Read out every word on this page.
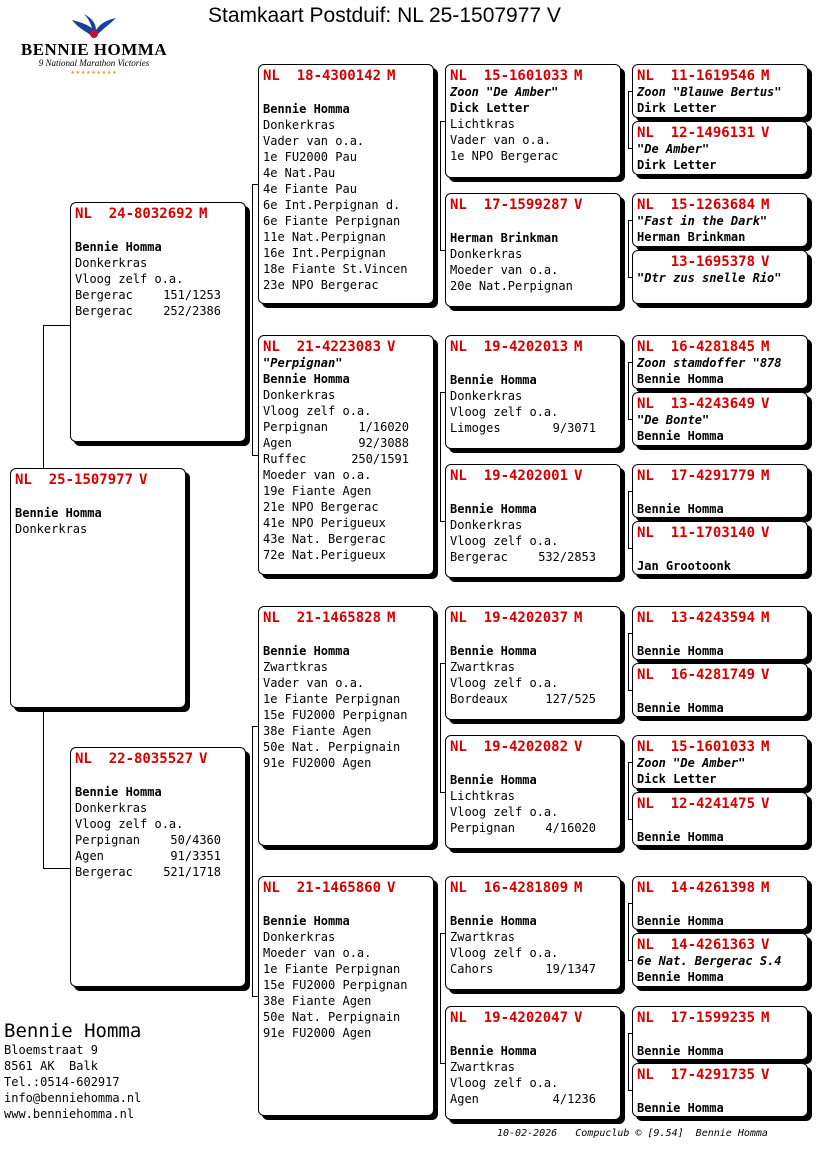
Stamkaart Postduif: NL 25-1507977 V
BENNIE HOMMA
9 National Marathon Victories
★★★★★★★★★
NL  25-1507977 V
Bennie Homma
Donkerkras
NL  24-8032692 M
Bennie Homma
Donkerkras
Vloog zelf o.a.
Bergerac	151/1253
Bergerac	252/2386
NL  22-8035527 V
Bennie Homma
Donkerkras
Vloog zelf o.a.
Perpignan	50/4360
Agen	91/3351
Bergerac	521/1718
NL  18-4300142 M
Bennie Homma
Donkerkras
Vader van o.a.
1e FU2000 Pau
4e Nat.Pau
4e Fiante Pau
6e Int.Perpignan d.
6e Fiante Perpignan
11e Nat.Perpignan
16e Int.Perpignan
18e Fiante St.Vincen
23e NPO Bergerac
NL  21-4223083 V
"Perpignan"
Bennie Homma
Donkerkras
Vloog zelf o.a.
Perpignan	1/16020
Agen	92/3088
Ruffec	250/1591
Moeder van o.a.
19e Fiante Agen
21e NPO Bergerac
41e NPO Perigueux
43e Nat. Bergerac
72e Nat.Perigueux
NL  21-1465828 M
Bennie Homma
Zwartkras
Vader van o.a.
1e Fiante Perpignan
15e FU2000 Perpignan
38e Fiante Agen
50e Nat. Perpignain
91e FU2000 Agen
NL  21-1465860 V
Bennie Homma
Donkerkras
Moeder van o.a.
1e Fiante Perpignan
15e FU2000 Perpignan
38e Fiante Agen
50e Nat. Perpignain
91e FU2000 Agen
NL  15-1601033 M
Zoon "De Amber"
Dick Letter
Lichtkras
Vader van o.a.
1e NPO Bergerac
NL  17-1599287 V
Herman Brinkman
Donkerkras
Moeder van o.a.
20e Nat.Perpignan
NL  19-4202013 M
Bennie Homma
Donkerkras
Vloog zelf o.a.
Limoges	9/3071
NL  19-4202001 V
Bennie Homma
Donkerkras
Vloog zelf o.a.
Bergerac	532/2853
NL  19-4202037 M
Bennie Homma
Zwartkras
Vloog zelf o.a.
Bordeaux	127/525
NL  19-4202082 V
Bennie Homma
Lichtkras
Vloog zelf o.a.
Perpignan	4/16020
NL  16-4281809 M
Bennie Homma
Zwartkras
Vloog zelf o.a.
Cahors	19/1347
NL  19-4202047 V
Bennie Homma
Zwartkras
Vloog zelf o.a.
Agen	4/1236
NL  11-1619546 M
Zoon "Blauwe Bertus"
Dirk Letter
NL  12-1496131 V
"De Amber"
Dirk Letter
NL  15-1263684 M
"Fast in the Dark"
Herman Brinkman
13-1695378 V
"Dtr zus snelle Rio"
NL  16-4281845 M
Zoon stamdoffer "878
Bennie Homma
NL  13-4243649 V
"De Bonte"
Bennie Homma
NL  17-4291779 M
Bennie Homma
NL  11-1703140 V
Jan Grootoonk
NL  13-4243594 M
Bennie Homma
NL  16-4281749 V
Bennie Homma
NL  15-1601033 M
Zoon "De Amber"
Dick Letter
NL  12-4241475 V
Bennie Homma
NL  14-4261398 M
Bennie Homma
NL  14-4261363 V
6e Nat. Bergerac S.4
Bennie Homma
NL  17-1599235 M
Bennie Homma
NL  17-4291735 V
Bennie Homma
Bennie Homma
Bloemstraat 9
8561 AK  Balk
Tel.:0514-602917
info@benniehomma.nl
www.benniehomma.nl
10-02-2026   Compuclub © [9.54]  Bennie Homma
